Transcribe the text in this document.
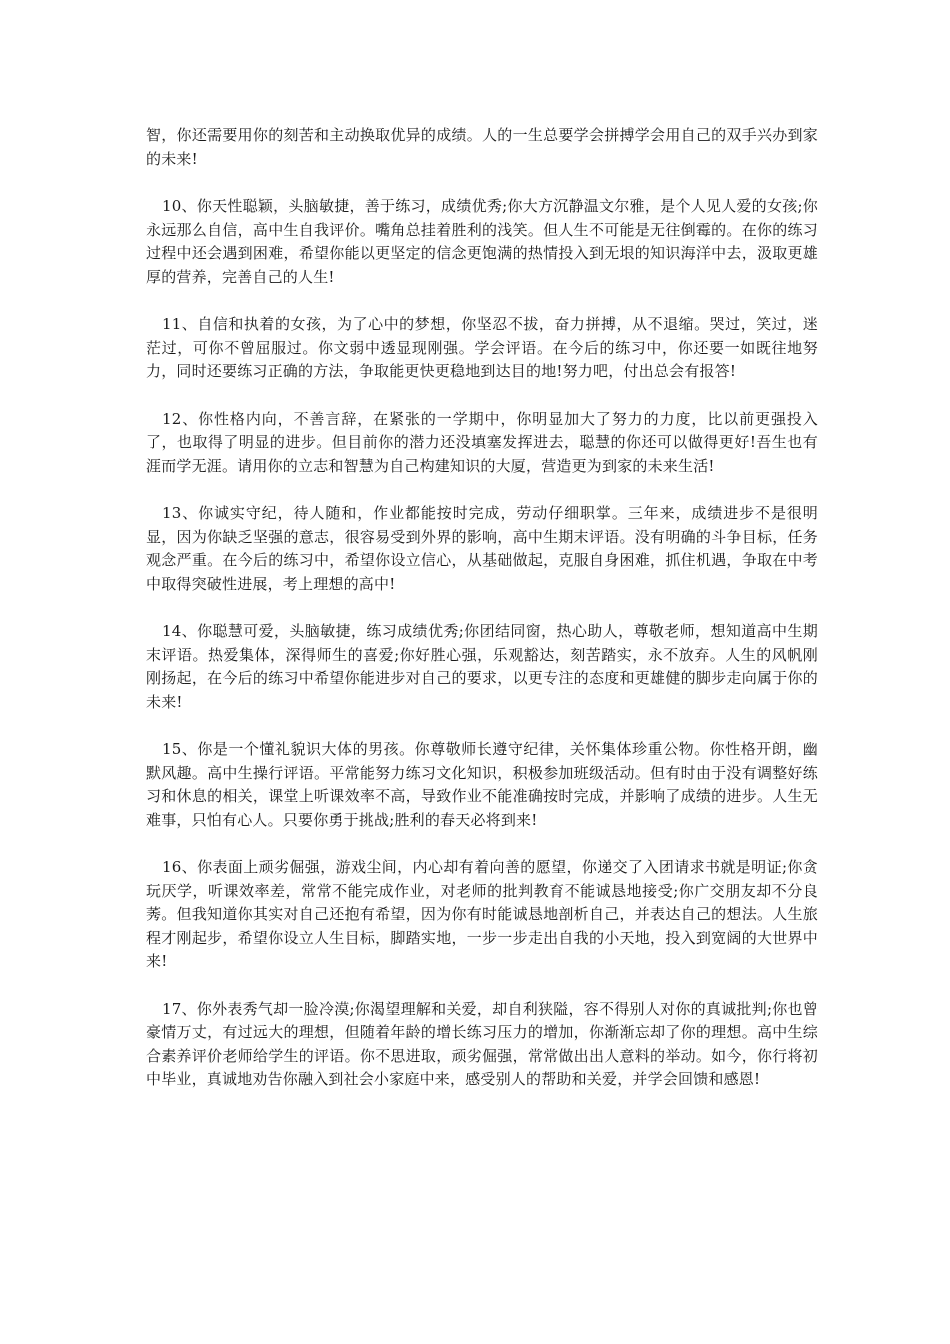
智，你还需要用你的刻苦和主动换取优异的成绩。人的一生总要学会拼搏学会用自己的双手兴办到家的未来!

10、你天性聪颖，头脑敏捷，善于练习，成绩优秀;你大方沉静温文尔雅，是个人见人爱的女孩;你永远那么自信，高中生自我评价。嘴角总挂着胜利的浅笑。但人生不可能是无往倒霉的。在你的练习过程中还会遇到困难，希望你能以更坚定的信念更饱满的热情投入到无垠的知识海洋中去，汲取更雄厚的营养，完善自己的人生!

11、自信和执着的女孩，为了心中的梦想，你坚忍不拔，奋力拼搏，从不退缩。哭过，笑过，迷茫过，可你不曾屈服过。你文弱中透显现刚强。学会评语。在今后的练习中，你还要一如既往地努力，同时还要练习正确的方法，争取能更快更稳地到达目的地!努力吧，付出总会有报答!

12、你性格内向，不善言辞，在紧张的一学期中，你明显加大了努力的力度，比以前更强投入了，也取得了明显的进步。但目前你的潜力还没填塞发挥进去，聪慧的你还可以做得更好!吾生也有涯而学无涯。请用你的立志和智慧为自己构建知识的大厦，营造更为到家的未来生活!

13、你诚实守纪，待人随和，作业都能按时完成，劳动仔细职掌。三年来，成绩进步不是很明显，因为你缺乏坚强的意志，很容易受到外界的影响，高中生期末评语。没有明确的斗争目标，任务观念严重。在今后的练习中，希望你设立信心，从基础做起，克服自身困难，抓住机遇，争取在中考中取得突破性进展，考上理想的高中!

14、你聪慧可爱，头脑敏捷，练习成绩优秀;你团结同窗，热心助人，尊敬老师，想知道高中生期末评语。热爱集体，深得师生的喜爱;你好胜心强，乐观豁达，刻苦踏实，永不放弃。人生的风帆刚刚扬起，在今后的练习中希望你能进步对自己的要求，以更专注的态度和更雄健的脚步走向属于你的未来!

15、你是一个懂礼貌识大体的男孩。你尊敬师长遵守纪律，关怀集体珍重公物。你性格开朗，幽默风趣。高中生操行评语。平常能努力练习文化知识，积极参加班级活动。但有时由于没有调整好练习和休息的相关，课堂上听课效率不高，导致作业不能准确按时完成，并影响了成绩的进步。人生无难事，只怕有心人。只要你勇于挑战;胜利的春天必将到来!

16、你表面上顽劣倔强，游戏尘间，内心却有着向善的愿望，你递交了入团请求书就是明证;你贪玩厌学，听课效率差，常常不能完成作业，对老师的批判教育不能诚恳地接受;你广交朋友却不分良莠。但我知道你其实对自己还抱有希望，因为你有时能诚恳地剖析自己，并表达自己的想法。人生旅程才刚起步，希望你设立人生目标，脚踏实地，一步一步走出自我的小天地，投入到宽阔的大世界中来!

17、你外表秀气却一脸冷漠;你渴望理解和关爱，却自利狭隘，容不得别人对你的真诚批判;你也曾豪情万丈，有过远大的理想，但随着年龄的增长练习压力的增加，你渐渐忘却了你的理想。高中生综合素养评价老师给学生的评语。你不思进取，顽劣倔强，常常做出出人意料的举动。如今，你行将初中毕业，真诚地劝告你融入到社会小家庭中来，感受别人的帮助和关爱，并学会回馈和感恩!
